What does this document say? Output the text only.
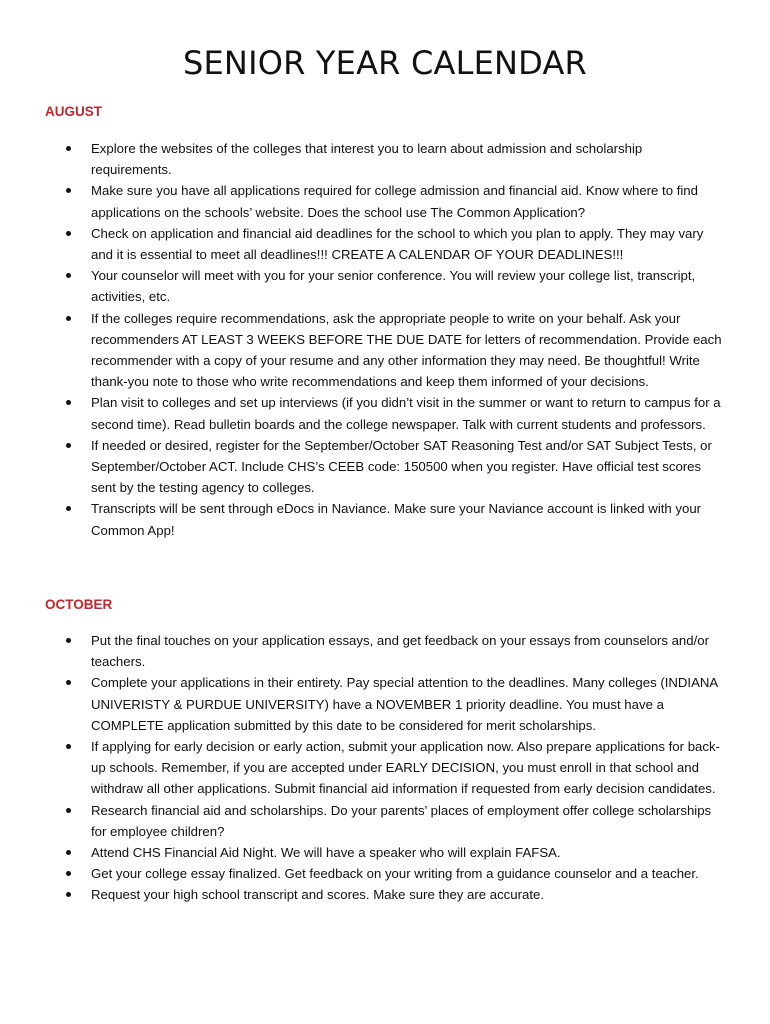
SENIOR YEAR CALENDAR
AUGUST
Explore the websites of the colleges that interest you to learn about admission and scholarship requirements.
Make sure you have all applications required for college admission and financial aid. Know where to find applications on the schools’ website. Does the school use The Common Application?
Check on application and financial aid deadlines for the school to which you plan to apply. They may vary and it is essential to meet all deadlines!!! CREATE A CALENDAR OF YOUR DEADLINES!!!
Your counselor will meet with you for your senior conference. You will review your college list, transcript, activities, etc.
If the colleges require recommendations, ask the appropriate people to write on your behalf. Ask your recommenders AT LEAST 3 WEEKS BEFORE THE DUE DATE for letters of recommendation. Provide each recommender with a copy of your resume and any other information they may need. Be thoughtful! Write thank-you note to those who write recommendations and keep them informed of your decisions.
Plan visit to colleges and set up interviews (if you didn’t visit in the summer or want to return to campus for a second time). Read bulletin boards and the college newspaper. Talk with current students and professors.
If needed or desired, register for the September/October SAT Reasoning Test and/or SAT Subject Tests, or September/October ACT. Include CHS’s CEEB code: 150500 when you register. Have official test scores sent by the testing agency to colleges.
Transcripts will be sent through eDocs in Naviance. Make sure your Naviance account is linked with your Common App!
OCTOBER
Put the final touches on your application essays, and get feedback on your essays from counselors and/or teachers.
Complete your applications in their entirety. Pay special attention to the deadlines. Many colleges (INDIANA UNIVERISTY & PURDUE UNIVERSITY) have a NOVEMBER 1 priority deadline. You must have a COMPLETE application submitted by this date to be considered for merit scholarships.
If applying for early decision or early action, submit your application now. Also prepare applications for back-up schools. Remember, if you are accepted under EARLY DECISION, you must enroll in that school and withdraw all other applications. Submit financial aid information if requested from early decision candidates.
Research financial aid and scholarships. Do your parents’ places of employment offer college scholarships for employee children?
Attend CHS Financial Aid Night. We will have a speaker who will explain FAFSA.
Get your college essay finalized. Get feedback on your writing from a guidance counselor and a teacher.
Request your high school transcript and scores. Make sure they are accurate.
